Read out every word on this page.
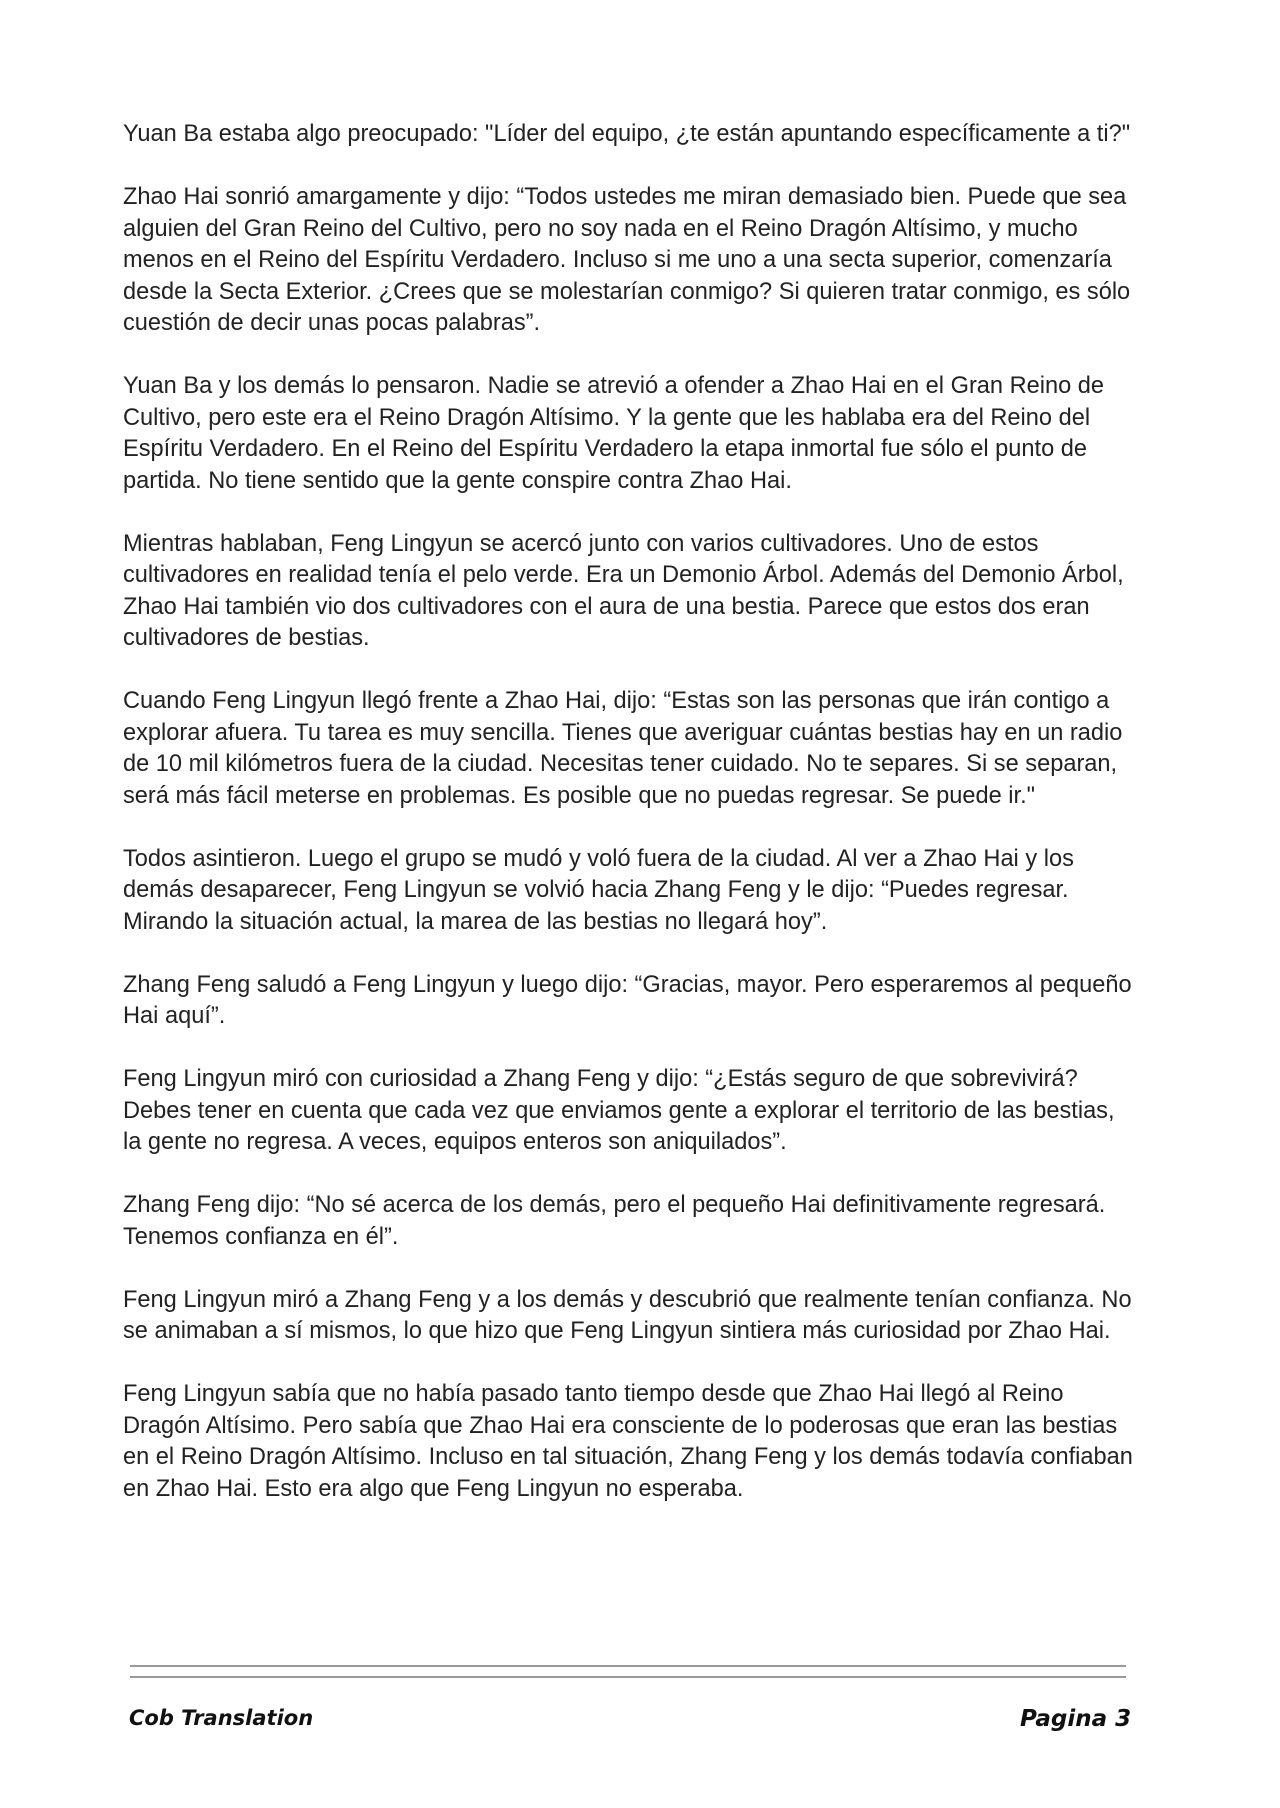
Yuan Ba estaba algo preocupado: "Líder del equipo, ¿te están apuntando específicamente a ti?"

Zhao Hai sonrió amargamente y dijo: “Todos ustedes me miran demasiado bien. Puede que sea alguien del Gran Reino del Cultivo, pero no soy nada en el Reino Dragón Altísimo, y mucho menos en el Reino del Espíritu Verdadero. Incluso si me uno a una secta superior, comenzaría desde la Secta Exterior. ¿Crees que se molestarían conmigo? Si quieren tratar conmigo, es sólo cuestión de decir unas pocas palabras”.

Yuan Ba y los demás lo pensaron. Nadie se atrevió a ofender a Zhao Hai en el Gran Reino de Cultivo, pero este era el Reino Dragón Altísimo. Y la gente que les hablaba era del Reino del Espíritu Verdadero. En el Reino del Espíritu Verdadero la etapa inmortal fue sólo el punto de partida. No tiene sentido que la gente conspire contra Zhao Hai.

Mientras hablaban, Feng Lingyun se acercó junto con varios cultivadores. Uno de estos cultivadores en realidad tenía el pelo verde. Era un Demonio Árbol. Además del Demonio Árbol, Zhao Hai también vio dos cultivadores con el aura de una bestia. Parece que estos dos eran cultivadores de bestias.

Cuando Feng Lingyun llegó frente a Zhao Hai, dijo: “Estas son las personas que irán contigo a explorar afuera. Tu tarea es muy sencilla. Tienes que averiguar cuántas bestias hay en un radio de 10 mil kilómetros fuera de la ciudad. Necesitas tener cuidado. No te separes. Si se separan, será más fácil meterse en problemas. Es posible que no puedas regresar. Se puede ir."

Todos asintieron. Luego el grupo se mudó y voló fuera de la ciudad. Al ver a Zhao Hai y los demás desaparecer, Feng Lingyun se volvió hacia Zhang Feng y le dijo: “Puedes regresar. Mirando la situación actual, la marea de las bestias no llegará hoy”.

Zhang Feng saludó a Feng Lingyun y luego dijo: “Gracias, mayor. Pero esperaremos al pequeño Hai aquí”.

Feng Lingyun miró con curiosidad a Zhang Feng y dijo: “¿Estás seguro de que sobrevivirá? Debes tener en cuenta que cada vez que enviamos gente a explorar el territorio de las bestias, la gente no regresa. A veces, equipos enteros son aniquilados”.

Zhang Feng dijo: “No sé acerca de los demás, pero el pequeño Hai definitivamente regresará. Tenemos confianza en él”.

Feng Lingyun miró a Zhang Feng y a los demás y descubrió que realmente tenían confianza. No se animaban a sí mismos, lo que hizo que Feng Lingyun sintiera más curiosidad por Zhao Hai.

Feng Lingyun sabía que no había pasado tanto tiempo desde que Zhao Hai llegó al Reino Dragón Altísimo. Pero sabía que Zhao Hai era consciente de lo poderosas que eran las bestias en el Reino Dragón Altísimo. Incluso en tal situación, Zhang Feng y los demás todavía confiaban en Zhao Hai. Esto era algo que Feng Lingyun no esperaba.

Cob Translation	Pagina 3
